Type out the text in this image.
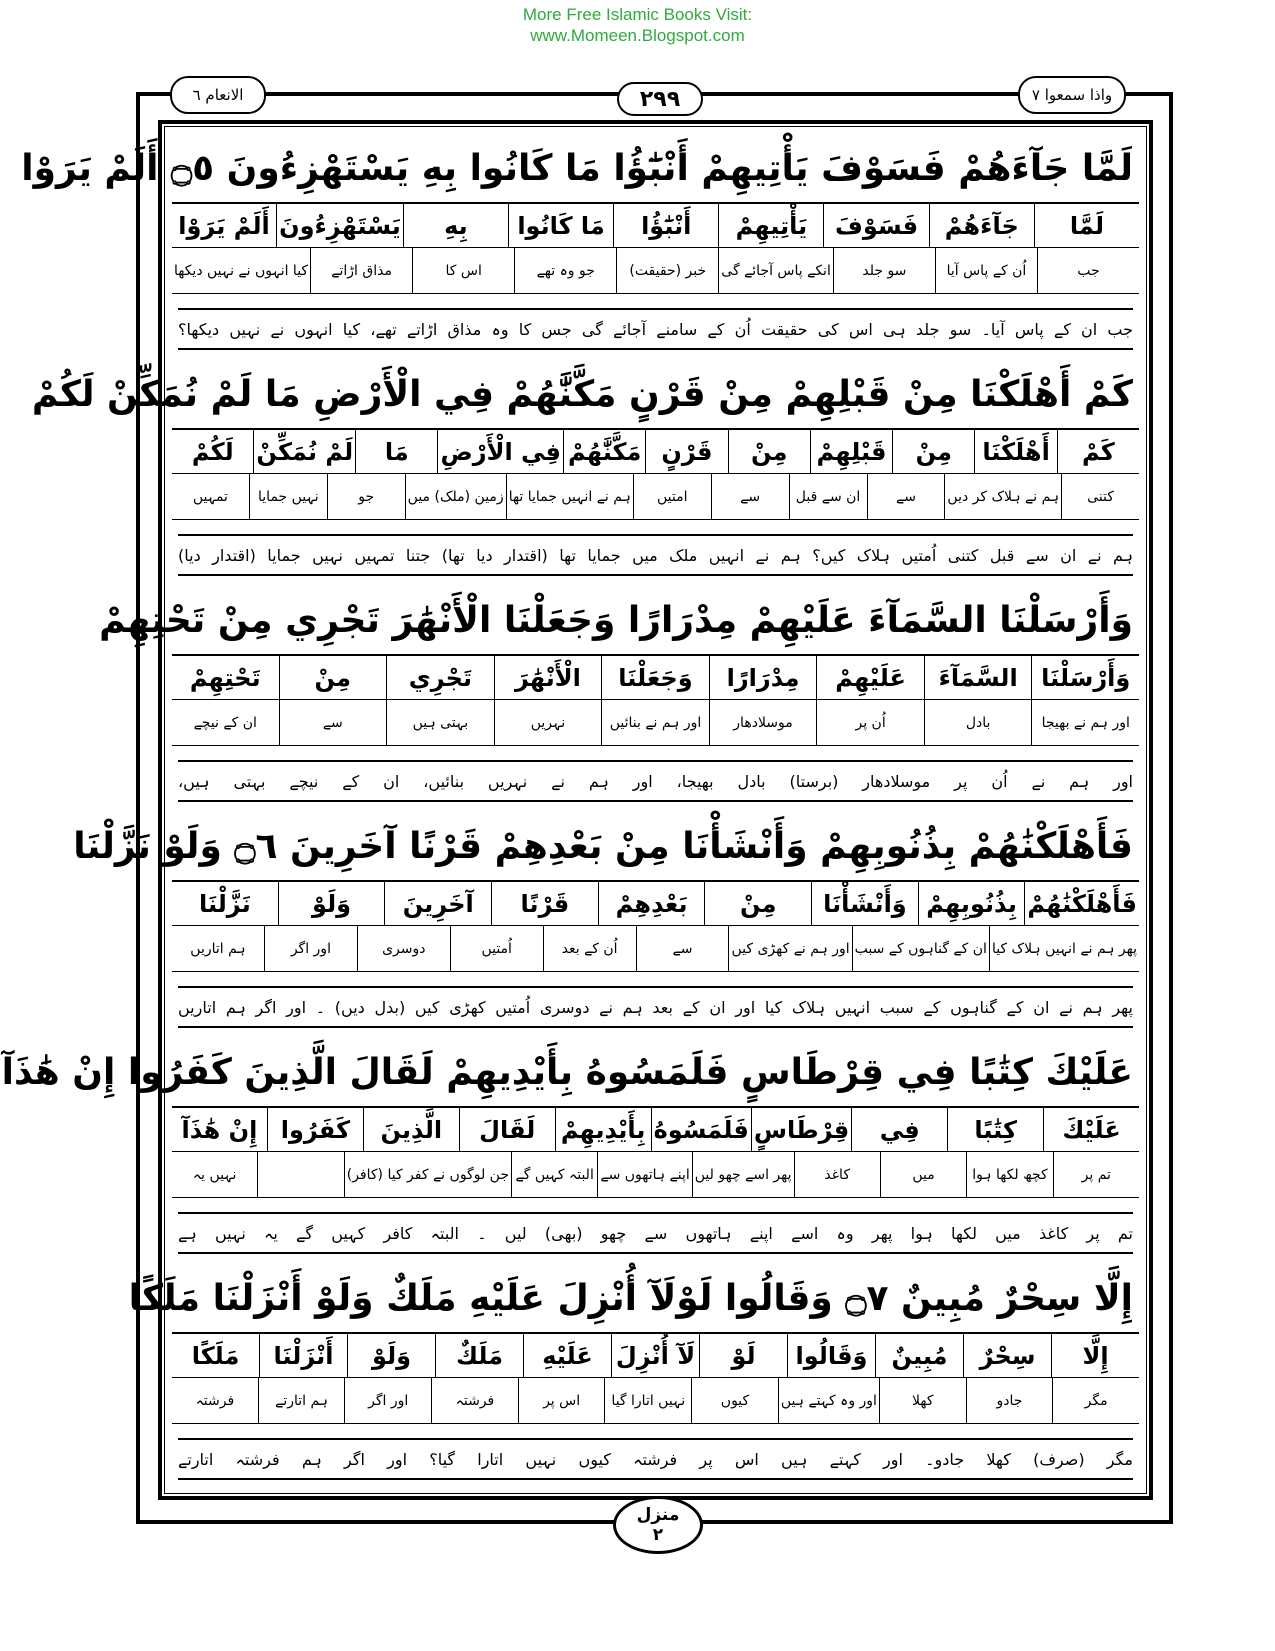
More Free Islamic Books Visit:
www.Momeen.Blogspot.com
الانعام ٦	۲۹۹	واذا سمعوا ۷
لَمَّا جَآءَهُمْ فَسَوْفَ يَأْتِيهِمْ أَنْبَٰٓؤُا مَا كَانُوا بِهِ يَسْتَهْزِءُونَ ۝٥ أَلَمْ يَرَوْا
لَمَّا
جَآءَهُمْ
فَسَوْفَ
يَأْتِيهِمْ
أَنْبَٰٓؤُا
مَا كَانُوا
بِهِ
يَسْتَهْزِءُونَ
أَلَمْ يَرَوْا
جب
اُن کے پاس آیا
سو جلد
انکے پاس آجائے گی
خبر (حقیقت)
جو وہ تھے
اس کا
مذاق اڑاتے
کیا انہوں نے نہیں دیکھا
جب ان کے پاس آیا۔ سو جلد ہی اس کی حقیقت اُن کے سامنے آجائے گی جس کا وہ مذاق اڑاتے تھے، کیا انہوں نے نہیں دیکھا؟
كَمْ أَهْلَكْنَا مِنْ قَبْلِهِمْ مِنْ قَرْنٍ مَكَّنَّٰهُمْ فِي الْأَرْضِ مَا لَمْ نُمَكِّنْ لَكُمْ
كَمْ
أَهْلَكْنَا
مِنْ
قَبْلِهِمْ
مِنْ
قَرْنٍ
مَكَّنَّٰهُمْ
فِي الْأَرْضِ
مَا
لَمْ نُمَكِّنْ
لَكُمْ
کتنی
ہم نے ہلاک کر دیں
سے
ان سے قبل
سے
امتیں
ہم نے انہیں جمایا تھا
زمین (ملک) میں
جو
نہیں جمایا
تمہیں
ہم نے ان سے قبل کتنی اُمتیں ہلاک کیں؟ ہم نے انہیں ملک میں جمایا تھا (اقتدار دیا تھا) جتنا تمہیں نہیں جمایا (اقتدار دیا)
وَأَرْسَلْنَا السَّمَآءَ عَلَيْهِمْ مِدْرَارًا وَجَعَلْنَا الْأَنْهَٰرَ تَجْرِي مِنْ تَحْتِهِمْ
وَأَرْسَلْنَا
السَّمَآءَ
عَلَيْهِمْ
مِدْرَارًا
وَجَعَلْنَا
الْأَنْهَٰرَ
تَجْرِي
مِنْ
تَحْتِهِمْ
اور ہم نے بھیجا
بادل
اُن پر
موسلادھار
اور ہم نے بنائیں
نہریں
بہتی ہیں
سے
ان کے نیچے
اور ہم نے اُن پر موسلادھار (برستا) بادل بھیجا، اور ہم نے نہریں بنائیں، ان کے نیچے بہتی ہیں،
فَأَهْلَكْنَٰهُمْ بِذُنُوبِهِمْ وَأَنْشَأْنَا مِنْ بَعْدِهِمْ قَرْنًا آخَرِينَ ۝٦ وَلَوْ نَزَّلْنَا
فَأَهْلَكْنَٰهُمْ
بِذُنُوبِهِمْ
وَأَنْشَأْنَا
مِنْ
بَعْدِهِمْ
قَرْنًا
آخَرِينَ
وَلَوْ
نَزَّلْنَا
پھر ہم نے انہیں ہلاک کیا
ان کے گناہوں کے سبب
اور ہم نے کھڑی کیں
سے
اُن کے بعد
اُمتیں
دوسری
اور اگر
ہم اتاریں
پھر ہم نے ان کے گناہوں کے سبب انہیں ہلاک کیا اور ان کے بعد ہم نے دوسری اُمتیں کھڑی کیں (بدل دیں) ۔ اور اگر ہم اتاریں
عَلَيْكَ كِتَٰبًا فِي قِرْطَاسٍ فَلَمَسُوهُ بِأَيْدِيهِمْ لَقَالَ الَّذِينَ كَفَرُوا إِنْ هَٰذَآ
عَلَيْكَ
كِتَٰبًا
فِي
قِرْطَاسٍ
فَلَمَسُوهُ
بِأَيْدِيهِمْ
لَقَالَ
الَّذِينَ
كَفَرُوا
إِنْ هَٰذَآ
تم پر
کچھ لکھا ہوا
میں
کاغذ
پھر اسے چھو لیں
اپنے ہاتھوں سے
البتہ کہیں گے
جن لوگوں نے کفر کیا (کافر)
نہیں یہ
تم پر کاغذ میں لکھا ہوا پھر وہ اسے اپنے ہاتھوں سے چھو (بھی) لیں ۔ البتہ کافر کہیں گے یہ نہیں ہے
إِلَّا سِحْرٌ مُبِينٌ ۝٧ وَقَالُوا لَوْلَآ أُنْزِلَ عَلَيْهِ مَلَكٌ وَلَوْ أَنْزَلْنَا مَلَكًا
إِلَّا
سِحْرٌ
مُبِينٌ
وَقَالُوا
لَوْ
لَآ أُنْزِلَ
عَلَيْهِ
مَلَكٌ
وَلَوْ
أَنْزَلْنَا
مَلَكًا
مگر
جادو
کھلا
اور وہ کہتے ہیں
کیوں
نہیں اتارا گیا
اس پر
فرشتہ
اور اگر
ہم اتارتے
فرشتہ
مگر (صرف) کھلا جادو۔ اور کہتے ہیں اس پر فرشتہ کیوں نہیں اتارا گیا؟ اور اگر ہم فرشتہ اتارتے
منزل
۲
